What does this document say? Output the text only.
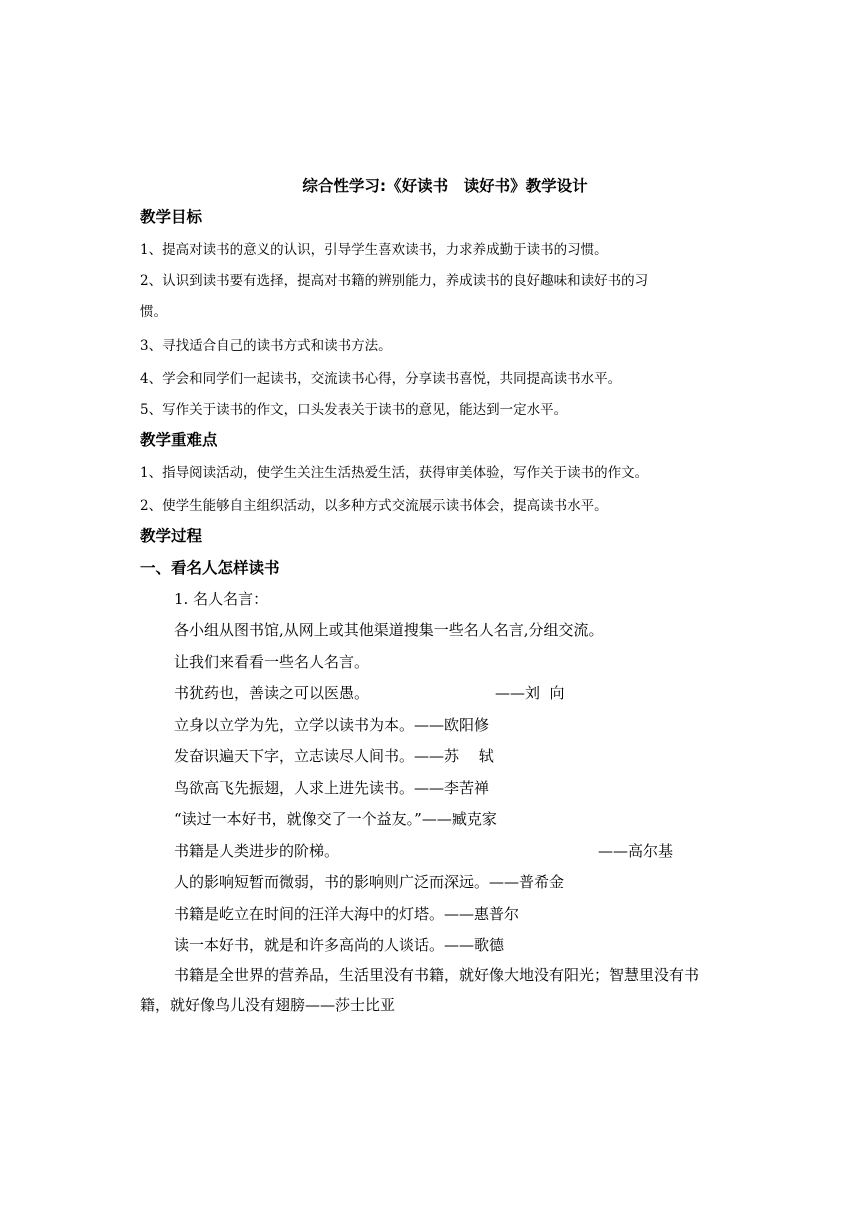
综合性学习:《好读书　读好书》教学设计
教学目标
1、提高对读书的意义的认识，引导学生喜欢读书，力求养成勤于读书的习惯。
2、认识到读书要有选择，提高对书籍的辨别能力，养成读书的良好趣味和读好书的习
惯。
3、寻找适合自己的读书方式和读书方法。
4、学会和同学们一起读书，交流读书心得，分享读书喜悦，共同提高读书水平。
5、写作关于读书的作文，口头发表关于读书的意见，能达到一定水平。
教学重难点
1、指导阅读活动，使学生关注生活热爱生活，获得审美体验，写作关于读书的作文。
2、使学生能够自主组织活动，以多种方式交流展示读书体会，提高读书水平。
教学过程
一、看名人怎样读书
1. 名人名言：
各小组从图书馆,从网上或其他渠道搜集一些名人名言,分组交流。
让我们来看看一些名人名言。
书犹药也，善读之可以医愚。	——刘  向
立身以立学为先，立学以读书为本。——欧阳修
发奋识遍天下字，立志读尽人间书。——苏　 轼
鸟欲高飞先振翅，人求上进先读书。——李苦禅
“读过一本好书，就像交了一个益友。”——臧克家
书籍是人类进步的阶梯。	——高尔基
人的影响短暂而微弱，书的影响则广泛而深远。——普希金
书籍是屹立在时间的汪洋大海中的灯塔。——惠普尔
读一本好书，就是和许多高尚的人谈话。——歌德
书籍是全世界的营养品，生活里没有书籍，就好像大地没有阳光；智慧里没有书籍，就好像鸟儿没有翅膀——莎士比亚
